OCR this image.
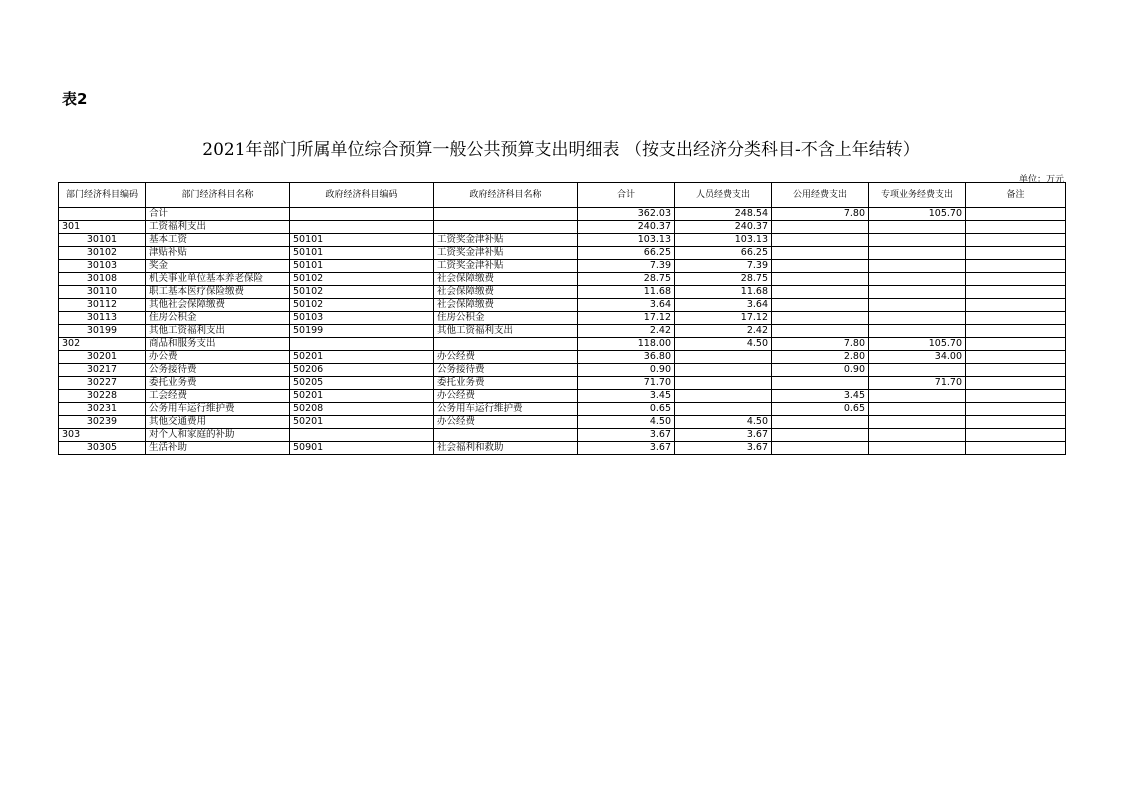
表2
2021年部门所属单位综合预算一般公共预算支出明细表 （按支出经济分类科目-不含上年结转）
单位：万元
部门经济科目编码	部门经济科目名称	政府经济科目编码	政府经济科目名称	合计	人员经费支出	公用经费支出	专项业务经费支出	备注
	合计			362.03	248.54	7.80	105.70	
301	工资福利支出			240.37	240.37			
30101	基本工资	50101	工资奖金津补贴	103.13	103.13			
30102	津贴补贴	50101	工资奖金津补贴	66.25	66.25			
30103	奖金	50101	工资奖金津补贴	7.39	7.39			
30108	机关事业单位基本养老保险	50102	社会保障缴费	28.75	28.75			
30110	职工基本医疗保险缴费	50102	社会保障缴费	11.68	11.68			
30112	其他社会保障缴费	50102	社会保障缴费	3.64	3.64			
30113	住房公积金	50103	住房公积金	17.12	17.12			
30199	其他工资福利支出	50199	其他工资福利支出	2.42	2.42			
302	商品和服务支出			118.00	4.50	7.80	105.70	
30201	办公费	50201	办公经费	36.80		2.80	34.00	
30217	公务接待费	50206	公务接待费	0.90		0.90		
30227	委托业务费	50205	委托业务费	71.70			71.70	
30228	工会经费	50201	办公经费	3.45		3.45		
30231	公务用车运行维护费	50208	公务用车运行维护费	0.65		0.65		
30239	其他交通费用	50201	办公经费	4.50	4.50			
303	对个人和家庭的补助			3.67	3.67			
30305	生活补助	50901	社会福利和救助	3.67	3.67			
